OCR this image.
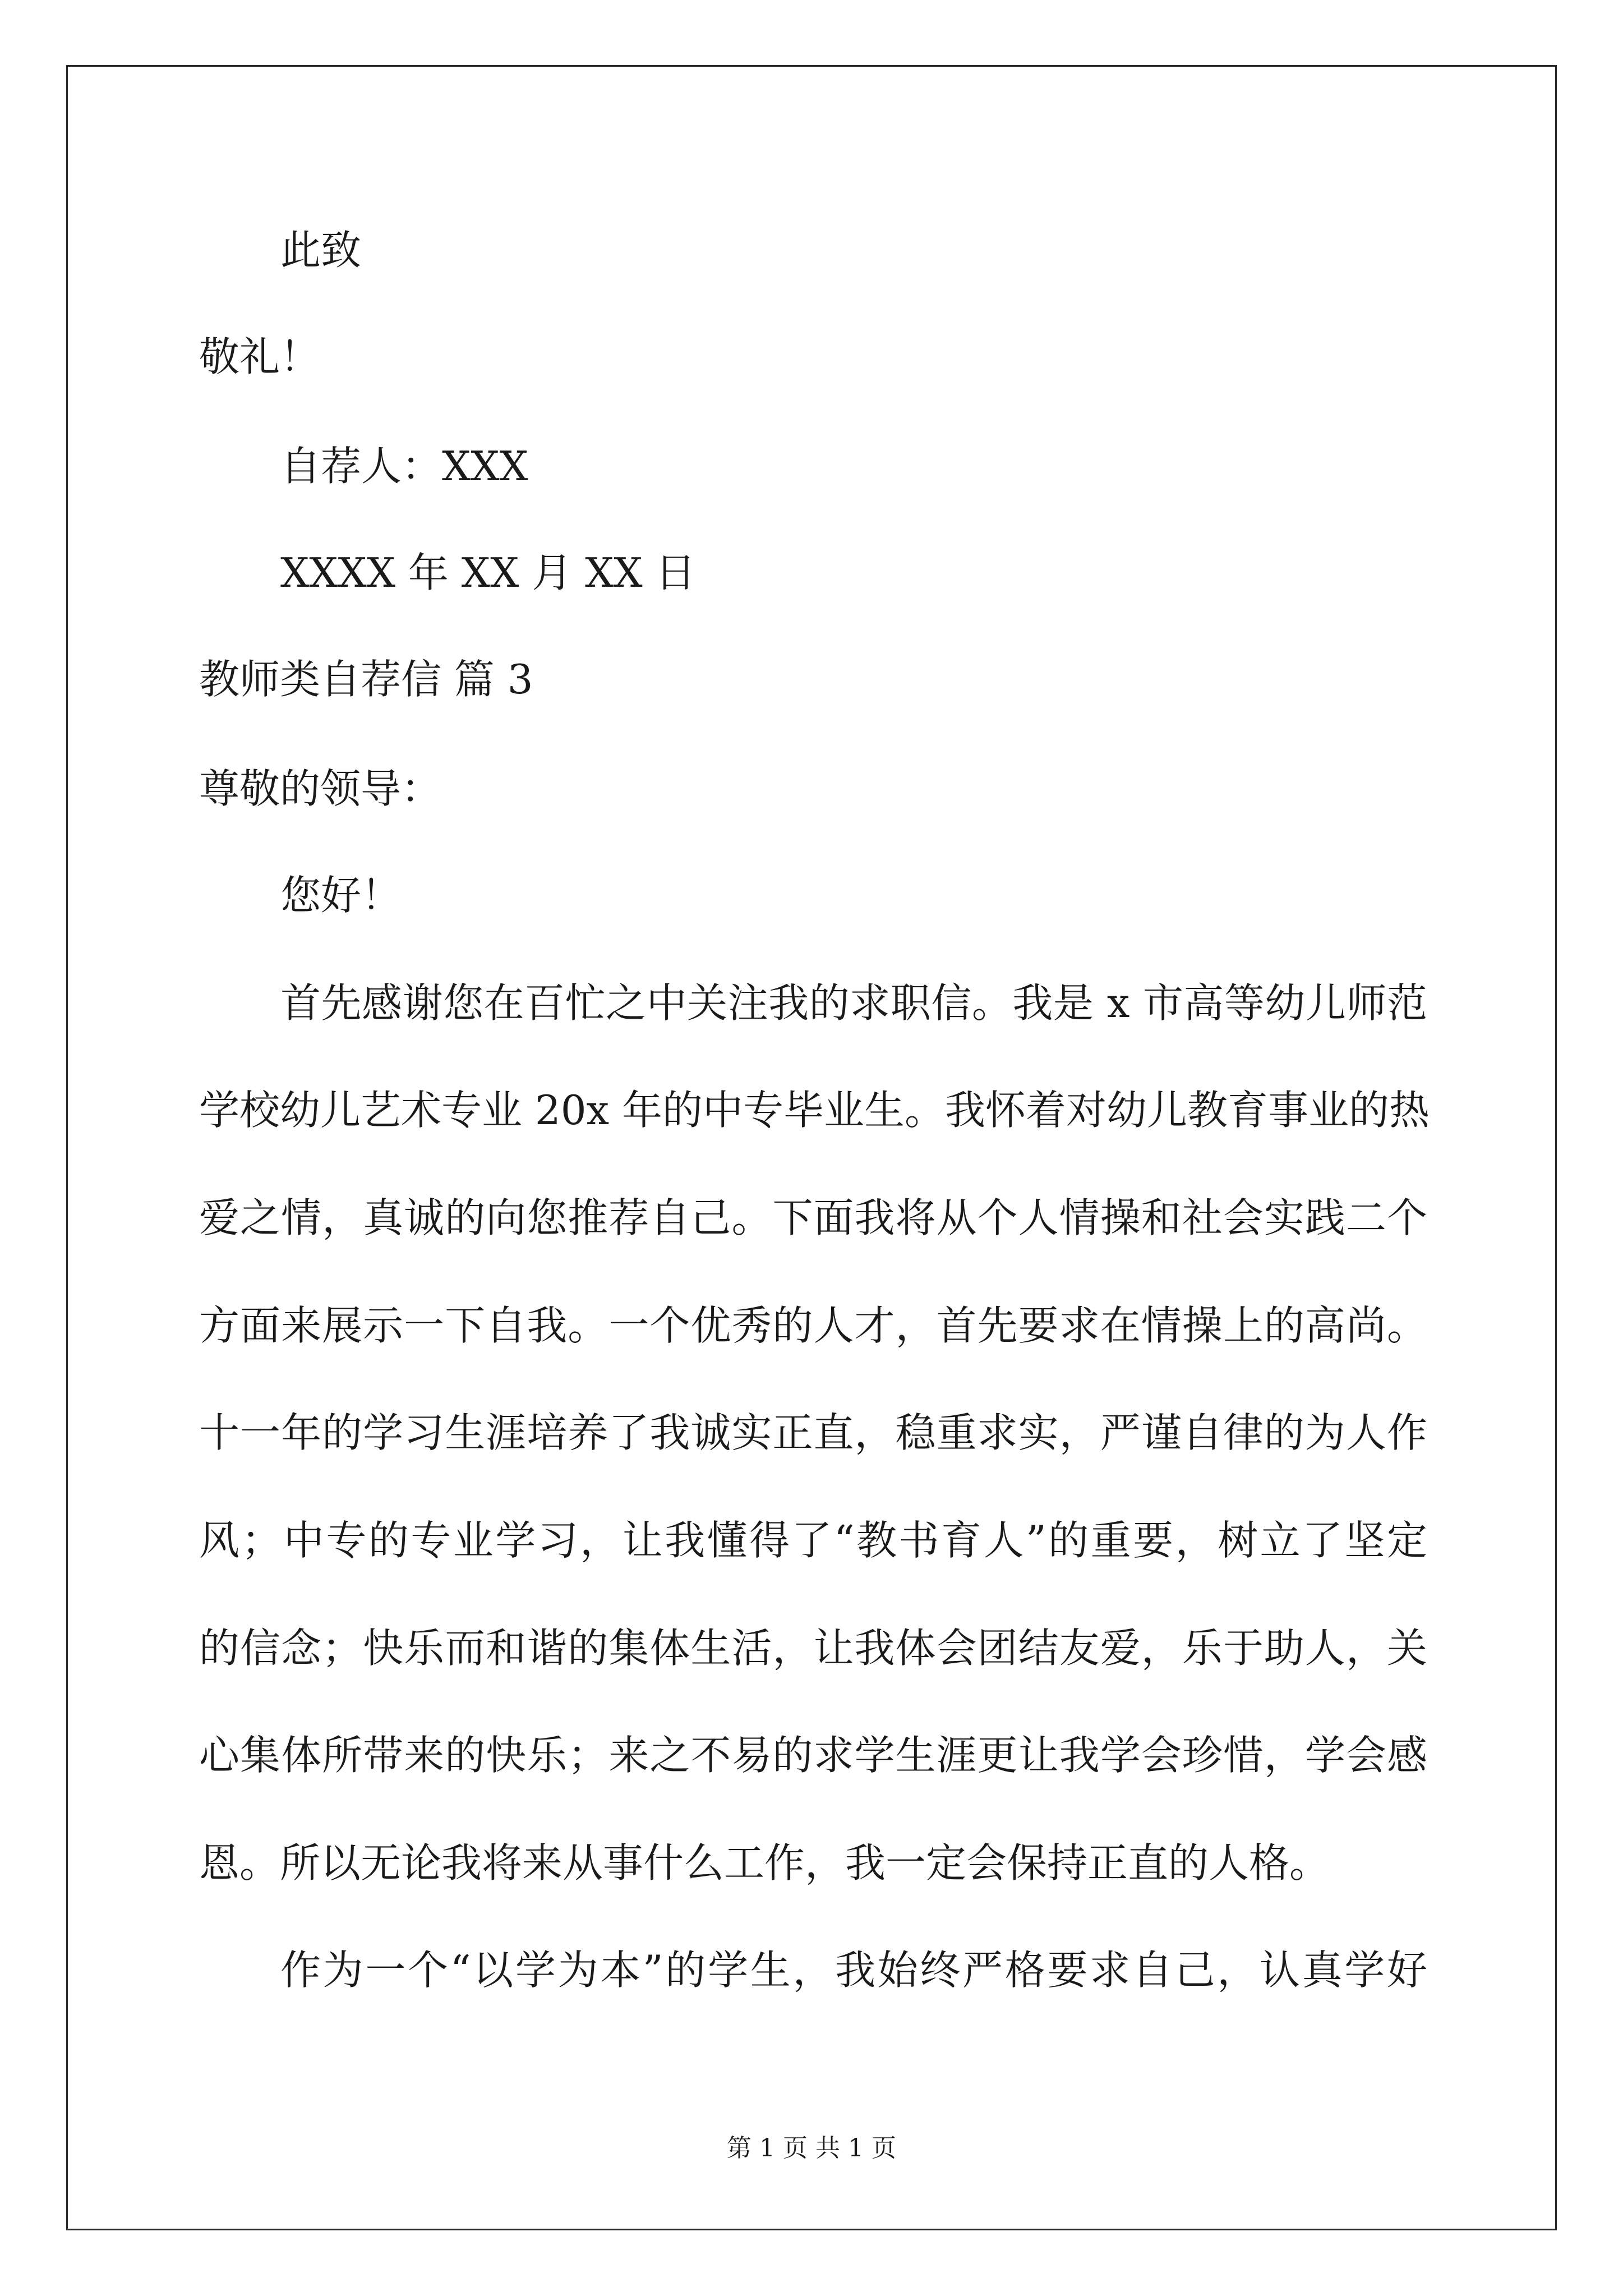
此致
敬礼！
自荐人：XXX
XXXX 年 XX 月 XX 日
教师类自荐信 篇 3
尊敬的领导：
您好！
首先感谢您在百忙之中关注我的求职信。我是 x 市高等幼儿师范
学校幼儿艺术专业 20x 年的中专毕业生。我怀着对幼儿教育事业的热
爱之情，真诚的向您推荐自己。下面我将从个人情操和社会实践二个
方面来展示一下自我。一个优秀的人才，首先要求在情操上的高尚。
十一年的学习生涯培养了我诚实正直，稳重求实，严谨自律的为人作
风；中专的专业学习，让我懂得了“教书育人”的重要，树立了坚定
的信念；快乐而和谐的集体生活，让我体会团结友爱，乐于助人，关
心集体所带来的快乐；来之不易的求学生涯更让我学会珍惜，学会感
恩。所以无论我将来从事什么工作，我一定会保持正直的人格。
作为一个“以学为本”的学生，我始终严格要求自己，认真学好
第 1 页 共 1 页
